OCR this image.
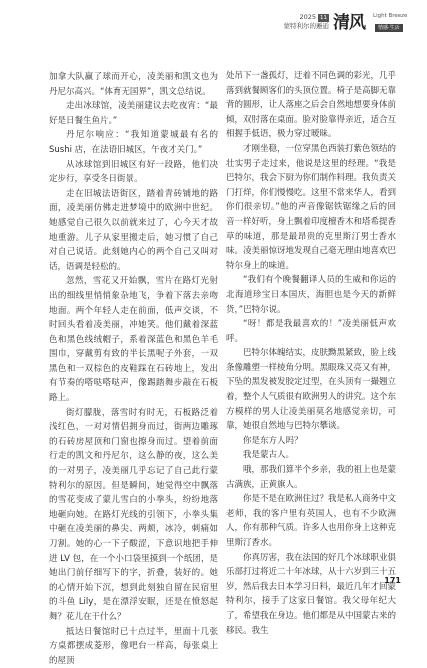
2025 11
蒙特利尔的邂逅 清风 Light Breeze
情感·生活

加拿大队赢了球而开心，凌美丽和凯文也为丹尼尔高兴。“体育无国界”，凯文总结说。

走出冰球馆，凌美丽建议去吃夜宵：“最好是日餐生鱼片。”

丹尼尔响应：“我知道蒙城最有名的 Sushi 店，在法语旧城区，午夜才关门。”

从冰球馆到旧城区有好一段路，他们决定步行，享受冬日街景。

走在旧城法语街区，踏着青砖铺地的路面，凌美丽仿佛走进梦境中的欧洲中世纪。她感觉自己很久以前就来过了，心今天才故地重游。儿子从家里搬走后，她习惯了自己对自己说话。此刻她内心的两个自己又叫对话，语调是轻松的。

忽然，雪花又开始飘，雪片在路灯光射出的细线里悄悄象杂地飞，争着下落去亲吻地面。两个年轻人走在前面，低声交谈，不时回头看着凌美丽，冲她笑。他们戴着深蓝色和黑色线绒帽子，系着深蓝色和黑色羊毛围巾，穿戴剪有致的半长黑呢子外套，一双黑色和一双棕色的皮鞋踩在石砖地上，发出有节奏的嗒哒嗒哒声，像踢踏舞步敲在石板路上。

街灯朦胧，落雪时有时无，石板路泛着浅红色，一对对情侣拥身而过，街两边雕琢的石砖房屋顶和门窗也擦身而过。望着前面行走的凯文和丹尼尔，这么静的夜，这么美的一对男子，凌美丽几乎忘记了自己此行蒙特利尔的原因。但是瞬间，她觉得空中飘落的雪花变成了蒙儿雪白的小拳头，纷纷地落地砸向她。在路灯光线的引领下，小拳头集中砸在凌美丽的鼻尖、两颊，冰冷，刺痛如刀割。她的心一下子酸涩，下意识地把手伸进 LV 包，在一个小口袋里摸到一个纸团，是她出门前仔细写下的字，折叠，装好的。她的心情开始下沉，想到此刻独自留在民宿里的斗鱼 Lily，是在漂浮安眠，还是在愤怒起舞？花儿在干什么？

抵达日餐馆时已十点过半，里面十几张方桌都摆成菱形，像吧台一样高，每张桌上的屋顶

处吊下一盏孤灯，迂着不同色调的彩光，几乎落到就餐顾客们的头顶位置。椅子是高脚无靠背的圆形，让人落座之后会自然地想要身体前倾，双肘落在桌面。脸对脸靠得亲近，适合互相握手低语，极力穿过暧昧。

才刚坐稳，一位穿黑色西装打紫色领结的壮实男子走过来，他说是这里的经理。“我是巴特尔，我会下厨为你们制作料理。我负责关门打烊，你们慢慢吃。这里不常来华人，看到你们很亲切。”他的声音像锯铁锯缘之后的回音一样好听，身上飘着印度檀香木和塔希提香草的味道，那是最昂贵的克里斯汀男士香水味。凌美丽惊讶地发现自己毫无理由地喜欢巴特尔身上的味道。

“我们有个晚餐翻译人员的生威和你运的北海道珍宝日本国庆，海胆也是今天的新鲜货，”巴特尔说。

“呀！都是我最喜欢的！”凌美丽低声欢呼。

巴特尔体魄结实，皮肤黝黑紧致，脸上线条像雕塑一样棱角分明。黑眼珠又亮又有神，下坠的黑发被发胶定过型，在头顶有一撮翘立着，整个人气质很有欧洲男人的讲究。这个东方模样的男人让凌美丽莫名地感觉亲切，可靠，她很自然地与巴特尔攀谈。

你是东方人吗？

我是蒙古人。

哦，那我们算半个乡亲，我的祖上也是蒙古满族，正黄旗人。

你是不是在欧洲住过？我是私人商务中文老师，我的客户里有英国人，也有不少欧洲人，你有那种气质。许多人也用你身上这种克里斯汀香水。

你真厉害，我在法国的好几个冰球职业俱乐部打过将近二十年冰球，从十六岁到三十五岁，然后我去日本学习日料，最近几年才回蒙特利尔，接手了这家日餐馆。我父母年纪大了，希望我在身边。他们都是从中国蒙古来的移民。我生

171
